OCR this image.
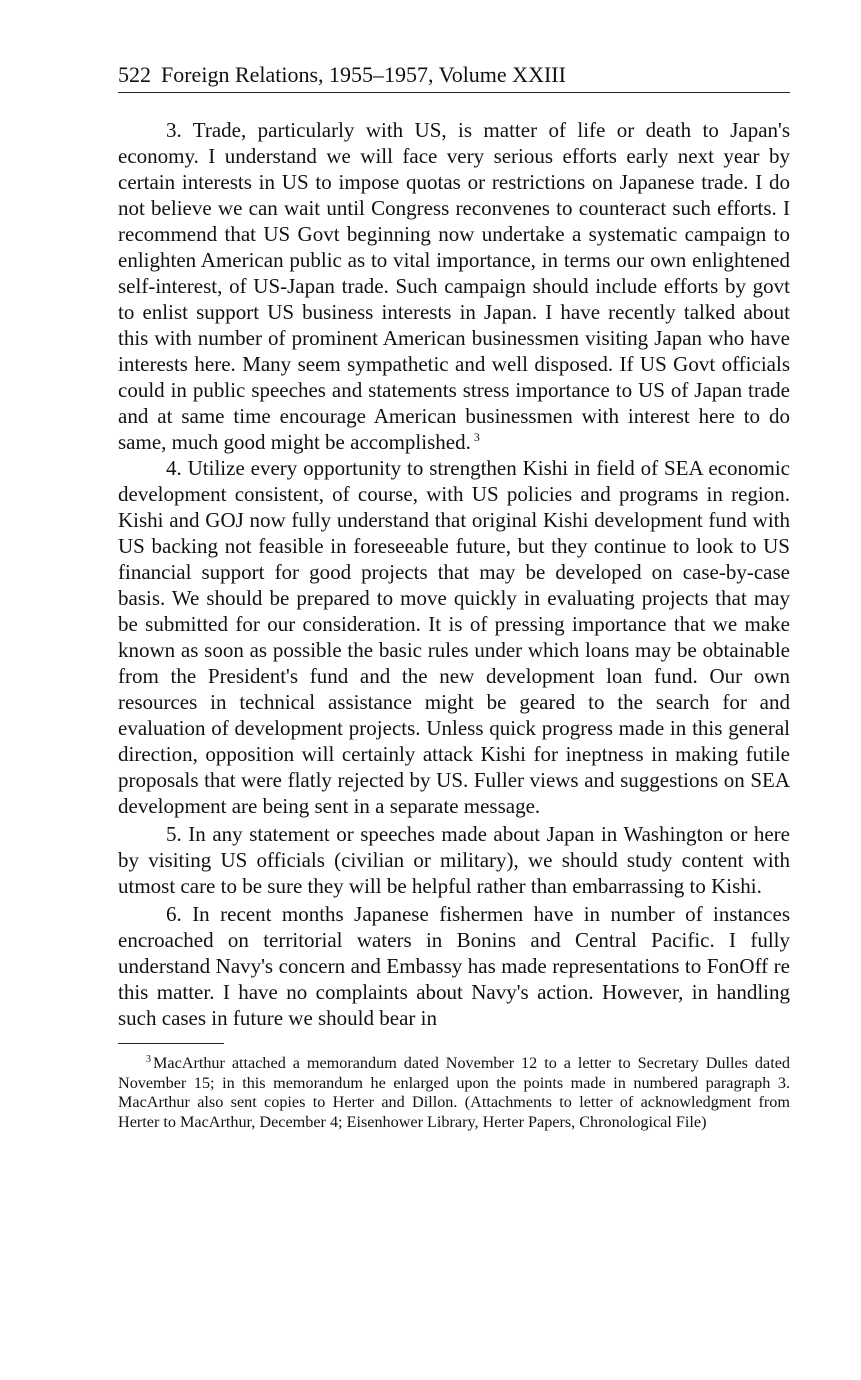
522 Foreign Relations, 1955–1957, Volume XXIII

3. Trade, particularly with US, is matter of life or death to Japan's economy. I understand we will face very serious efforts early next year by certain interests in US to impose quotas or restrictions on Japanese trade. I do not believe we can wait until Congress reconvenes to counteract such efforts. I recommend that US Govt beginning now undertake a systematic campaign to enlighten American public as to vital importance, in terms our own enlightened self-interest, of US-Japan trade. Such campaign should include efforts by govt to enlist support US business interests in Japan. I have recently talked about this with number of prominent American businessmen visiting Japan who have interests here. Many seem sympathetic and well disposed. If US Govt officials could in public speeches and statements stress importance to US of Japan trade and at same time encourage American businessmen with interest here to do same, much good might be accomplished. $^3$

4. Utilize every opportunity to strengthen Kishi in field of SEA economic development consistent, of course, with US policies and programs in region. Kishi and GOJ now fully understand that original Kishi development fund with US backing not feasible in foreseeable future, but they continue to look to US financial support for good projects that may be developed on case-by-case basis. We should be prepared to move quickly in evaluating projects that may be submitted for our consideration. It is of pressing importance that we make known as soon as possible the basic rules under which loans may be obtainable from the President's fund and the new development loan fund. Our own resources in technical assistance might be geared to the search for and evaluation of development projects. Unless quick progress made in this general direction, opposition will certainly attack Kishi for ineptness in making futile proposals that were flatly rejected by US. Fuller views and suggestions on SEA development are being sent in a separate message.

5. In any statement or speeches made about Japan in Washington or here by visiting US officials (civilian or military), we should study content with utmost care to be sure they will be helpful rather than embarrassing to Kishi.

6. In recent months Japanese fishermen have in number of instances encroached on territorial waters in Bonins and Central Pacific. I fully understand Navy's concern and Embassy has made representations to FonOff re this matter. I have no complaints about Navy's action. However, in handling such cases in future we should bear in

$^3$ MacArthur attached a memorandum dated November 12 to a letter to Secretary Dulles dated November 15; in this memorandum he enlarged upon the points made in numbered paragraph 3. MacArthur also sent copies to Herter and Dillon. (Attachments to letter of acknowledgment from Herter to MacArthur, December 4; Eisenhower Library, Herter Papers, Chronological File)
